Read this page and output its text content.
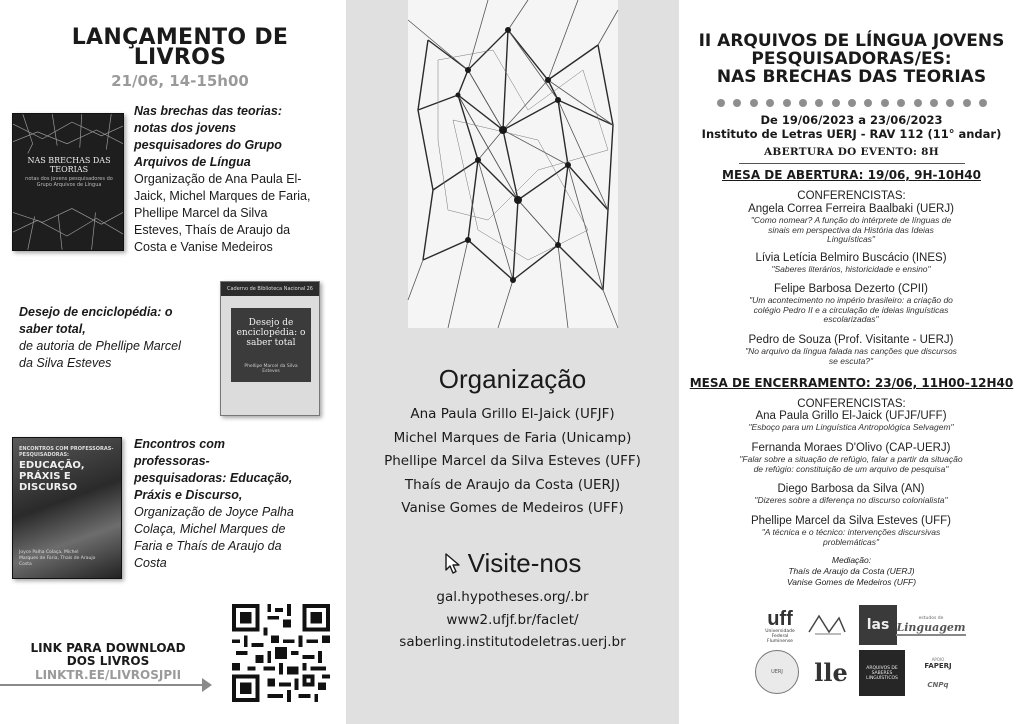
LANÇAMENTO DE
LIVROS
21/06, 14-15h00
NAS BRECHAS DAS TEORIAS
notas dos jovens pesquisadores do Grupo Arquivos de Língua
Nas brechas das teorias:
notas dos jovens
pesquisadores do Grupo
Arquivos de Língua
Organização de Ana Paula El-
Jaick, Michel Marques de Faria,
Phellipe Marcel da Silva
Esteves, Thaís de Araujo da
Costa e Vanise Medeiros
Desejo de enciclopédia: o
saber total,
de autoria de Phellipe Marcel
da Silva Esteves
Caderno de Biblioteca Nacional 26
Desejo de enciclopédia: o saber total
Phellipe Marcel da Silva Esteves
ENCONTROS COM PROFESSORAS-PESQUISADORAS:
EDUCAÇÃO, PRÁXIS E DISCURSO
Joyce Palha Colaça, Michel Marques de Faria, Thaís de Araujo Costa
Encontros com
professoras-
pesquisadoras: Educação,
Práxis e Discurso,
Organização de Joyce Palha
Colaça, Michel Marques de
Faria e Thaís de Araujo da
Costa
LINK PARA DOWNLOAD
DOS LIVROS
LINKTR.EE/LIVROSJPII
Organização
Ana Paula Grillo El-Jaick (UFJF)
Michel Marques de Faria (Unicamp)
Phellipe Marcel da Silva Esteves (UFF)
Thaís de Araujo da Costa (UERJ)
Vanise Gomes de Medeiros (UFF)
Visite-nos
gal.hypotheses.org/.br
www2.ufjf.br/faclet/
saberling.institutodeletras.uerj.br
II ARQUIVOS DE LÍNGUA JOVENS
PESQUISADORAS/ES:
NAS BRECHAS DAS TEORIAS
De 19/06/2023 a 23/06/2023
Instituto de Letras UERJ - RAV 112 (11° andar)
ABERTURA DO EVENTO: 8H
MESA DE ABERTURA: 19/06, 9H-10H40
CONFERENCISTAS:
Angela Correa Ferreira Baalbaki (UERJ)
"Como nomear? A função do intérprete de línguas de
sinais em perspectiva da História das Ideias
Linguísticas"
Lívia Letícia Belmiro Buscácio (INES)
"Saberes literários, historicidade e ensino"
Felipe Barbosa Dezerto (CPII)
"Um acontecimento no império brasileiro: a criação do
colégio Pedro II e a circulação de ideias linguísticas
escolarizadas"
Pedro de Souza (Prof. Visitante - UERJ)
"No arquivo da língua falada nas canções que discursos
se escuta?"
MESA DE ENCERRAMENTO: 23/06, 11H00-12H40
CONFERENCISTAS:
Ana Paula Grillo El-Jaick (UFJF/UFF)
"Esboço para um Linguística Antropológica Selvagem"
Fernanda Moraes D'Olivo (CAP-UERJ)
"Falar sobre a situação de refúgio, falar a partir da situação
de refúgio: constituição de um arquivo de pesquisa"
Diego Barbosa da Silva (AN)
"Dizeres sobre a diferença no discurso colonialista"
Phellipe Marcel da Silva Esteves (UFF)
"A técnica e o técnico: intervenções discursivas
problemáticas"
Mediação:
Thaís de Araujo da Costa (UERJ)
Vanise Gomes de Medeiros (UFF)
uff
Universidade Federal Fluminense
las	estudos de
Linguagem
UERJ	lle	ARQUIVOS DE SABERES LINGUÍSTICOS
APOIO
FAPERJ
CNPq
